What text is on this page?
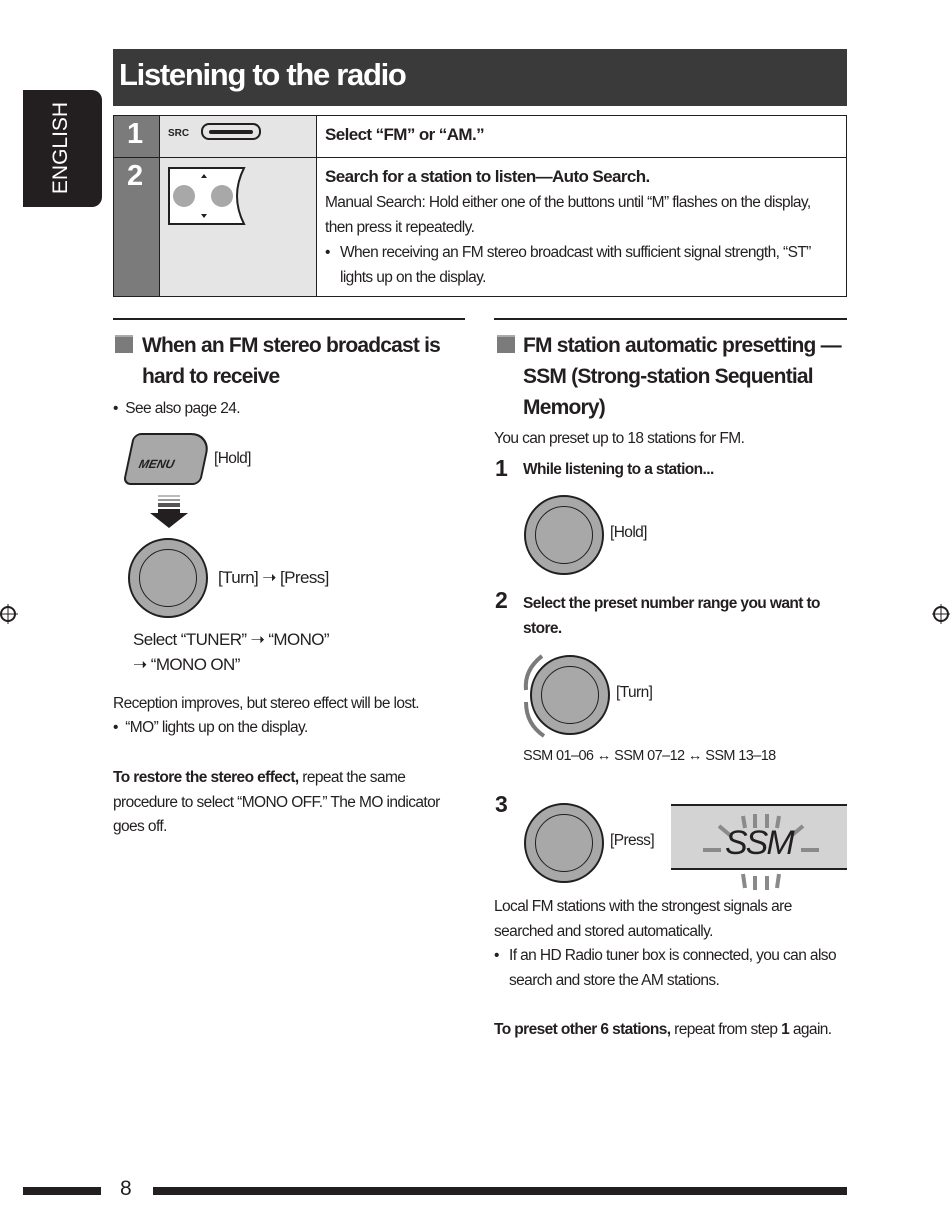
ENGLISH
Listening to the radio
1	SRC	Select “FM” or “AM.”
2		Search for a station to listen—Auto Search.
Manual Search: Hold either one of the buttons until “M” flashes on the display, then press it repeatedly.
• When receiving an FM stereo broadcast with sufficient signal strength, “ST” lights up on the display.
When an FM stereo broadcast is hard to receive
•  See also page 24.
MENU [Hold]
[Turn] ➝ [Press]
Select “TUNER” ➝ “MONO”
➝ “MONO ON”
Reception improves, but stereo effect will be lost.
•  “MO” lights up on the display.
To restore the stereo effect, repeat the same procedure to select “MONO OFF.” The MO indicator goes off.
FM station automatic presetting —SSM (Strong-station Sequential Memory)
You can preset up to 18 stations for FM.
1 While listening to a station...
[Hold]
2 Select the preset number range you want to store.
[Turn]
SSM 01–06 ↔ SSM 07–12 ↔ SSM 13–18
3
[Press] SSM
Local FM stations with the strongest signals are searched and stored automatically.
• If an HD Radio tuner box is connected, you can also search and store the AM stations.
To preset other 6 stations, repeat from step 1 again.
8
